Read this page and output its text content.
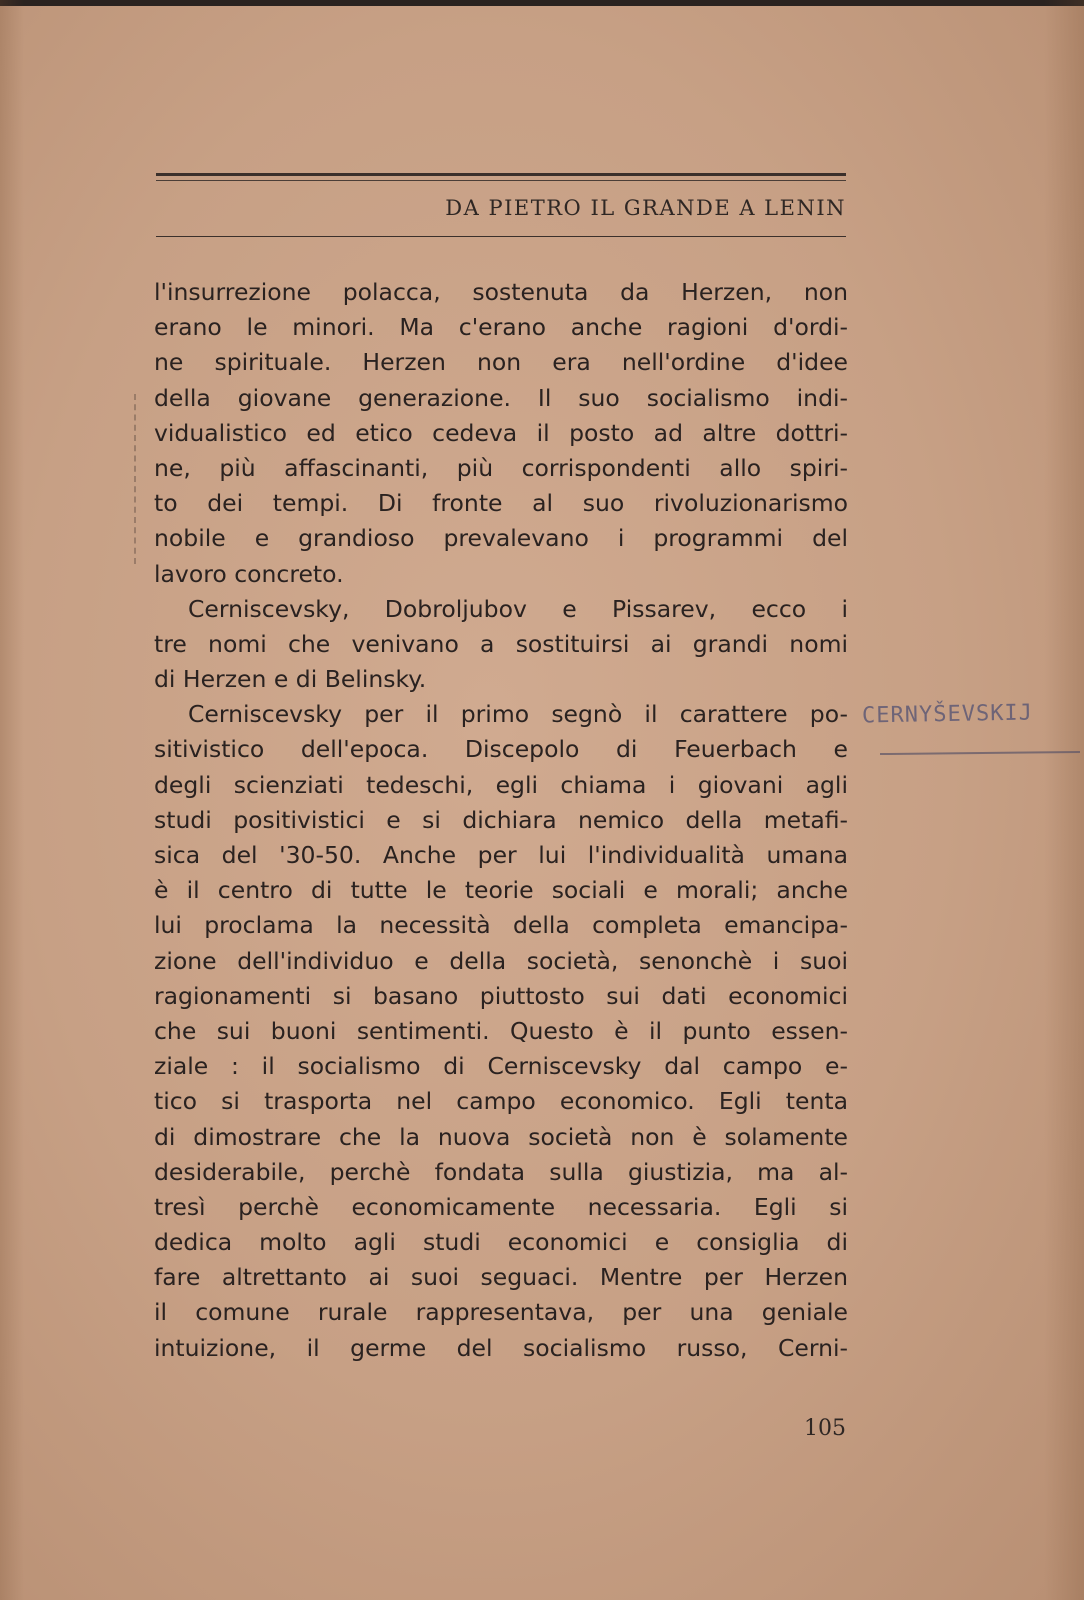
DA PIETRO IL GRANDE A LENIN
l'insurrezione polacca, sostenuta da Herzen, non
erano le minori. Ma c'erano anche ragioni d'ordi-
ne spirituale. Herzen non era nell'ordine d'idee
della giovane generazione. Il suo socialismo indi-
vidualistico ed etico cedeva il posto ad altre dottri-
ne, più affascinanti, più corrispondenti allo spiri-
to dei tempi. Di fronte al suo rivoluzionarismo
nobile e grandioso prevalevano i programmi del
lavoro concreto.
Cerniscevsky, Dobroljubov e Pissarev, ecco i
tre nomi che venivano a sostituirsi ai grandi nomi
di Herzen e di Belinsky.
Cerniscevsky per il primo segnò il carattere po-
sitivistico dell'epoca. Discepolo di Feuerbach e
degli scienziati tedeschi, egli chiama i giovani agli
studi positivistici e si dichiara nemico della metafi-
sica del '30-50. Anche per lui l'individualità umana
è il centro di tutte le teorie sociali e morali; anche
lui proclama la necessità della completa emancipa-
zione dell'individuo e della società, senonchè i suoi
ragionamenti si basano piuttosto sui dati economici
che sui buoni sentimenti. Questo è il punto essen-
ziale : il socialismo di Cerniscevsky dal campo e-
tico si trasporta nel campo economico. Egli tenta
di dimostrare che la nuova società non è solamente
desiderabile, perchè fondata sulla giustizia, ma al-
tresì perchè economicamente necessaria. Egli si
dedica molto agli studi economici e consiglia di
fare altrettanto ai suoi seguaci. Mentre per Herzen
il comune rurale rappresentava, per una geniale
intuizione, il germe del socialismo russo, Cerni-
CERNYŠEVSKIJ
105
